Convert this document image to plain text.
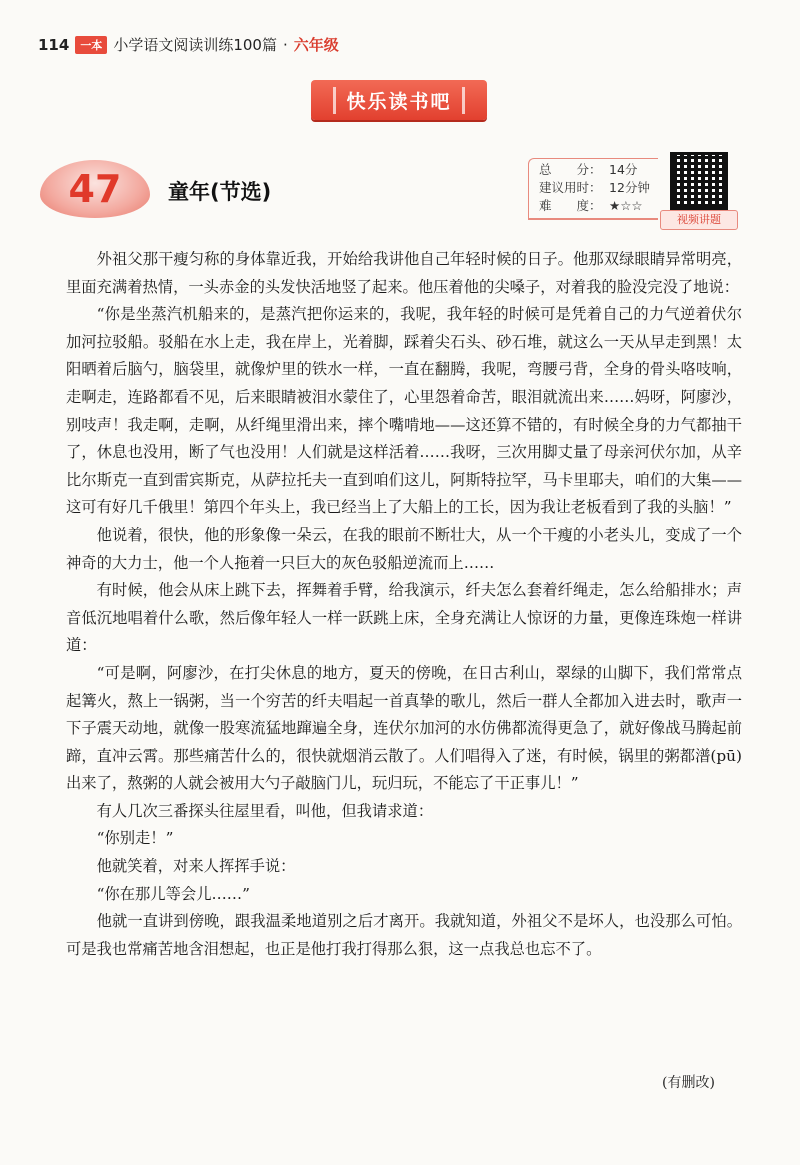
114	一本 小学语文阅读训练100篇 · 六年级
快乐读书吧
47 童年(节选)
总　　分： 14分
建议用时： 12分钟
难　　度： ★☆☆
视频讲题

外祖父那干瘦匀称的身体靠近我，开始给我讲他自己年轻时候的日子。他那双绿眼睛异常明亮，里面充满着热情，一头赤金的头发快活地竖了起来。他压着他的尖嗓子，对着我的脸没完没了地说：

“你是坐蒸汽机船来的，是蒸汽把你运来的，我呢，我年轻的时候可是凭着自己的力气逆着伏尔加河拉驳船。驳船在水上走，我在岸上，光着脚，踩着尖石头、砂石堆，就这么一天从早走到黑！太阳晒着后脑勺，脑袋里，就像炉里的铁水一样，一直在翻腾，我呢，弯腰弓背，全身的骨头咯吱响，走啊走，连路都看不见，后来眼睛被泪水蒙住了，心里怨着命苦，眼泪就流出来……妈呀，阿廖沙，别吱声！我走啊，走啊，从纤绳里滑出来，摔个嘴啃地——这还算不错的，有时候全身的力气都抽干了，休息也没用，断了气也没用！人们就是这样活着……我呀，三次用脚丈量了母亲河伏尔加，从辛比尔斯克一直到雷宾斯克，从萨拉托夫一直到咱们这儿，阿斯特拉罕，马卡里耶夫，咱们的大集——这可有好几千俄里！第四个年头上，我已经当上了大船上的工长，因为我让老板看到了我的头脑！”

他说着，很快，他的形象像一朵云，在我的眼前不断壮大，从一个干瘦的小老头儿，变成了一个神奇的大力士，他一个人拖着一只巨大的灰色驳船逆流而上……

有时候，他会从床上跳下去，挥舞着手臂，给我演示，纤夫怎么套着纤绳走，怎么给船排水；声音低沉地唱着什么歌，然后像年轻人一样一跃跳上床，全身充满让人惊讶的力量，更像连珠炮一样讲道：

“可是啊，阿廖沙，在打尖休息的地方，夏天的傍晚，在日古利山，翠绿的山脚下，我们常常点起篝火，熬上一锅粥，当一个穷苦的纤夫唱起一首真挚的歌儿，然后一群人全都加入进去时，歌声一下子震天动地，就像一股寒流猛地蹿遍全身，连伏尔加河的水仿佛都流得更急了，就好像战马腾起前蹄，直冲云霄。那些痛苦什么的，很快就烟消云散了。人们唱得入了迷，有时候，锅里的粥都潽(pū)出来了，熬粥的人就会被用大勺子敲脑门儿，玩归玩，不能忘了干正事儿！”

有人几次三番探头往屋里看，叫他，但我请求道：

“你别走！”

他就笑着，对来人挥挥手说：

“你在那儿等会儿……”

他就一直讲到傍晚，跟我温柔地道别之后才离开。我就知道，外祖父不是坏人，也没那么可怕。可是我也常痛苦地含泪想起，也正是他打我打得那么狠，这一点我总也忘不了。

(有删改)
